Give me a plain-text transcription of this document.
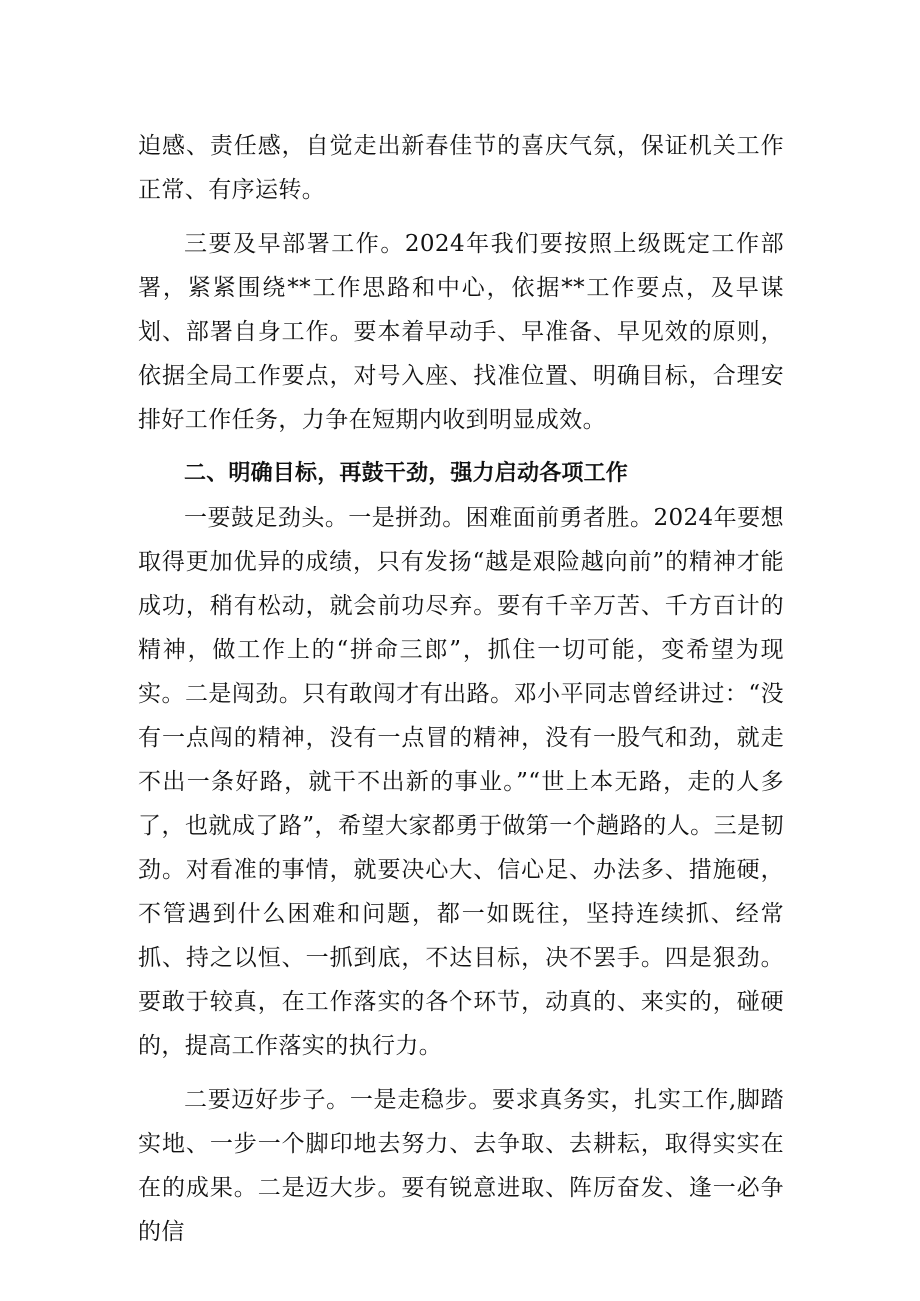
迫感、责任感，自觉走出新春佳节的喜庆气氛，保证机关工作正常、有序运转。

三要及早部署工作。2024年我们要按照上级既定工作部署，紧紧围绕**工作思路和中心，依据**工作要点，及早谋划、部署自身工作。要本着早动手、早准备、早见效的原则，依据全局工作要点，对号入座、找准位置、明确目标，合理安排好工作任务，力争在短期内收到明显成效。

二、明确目标，再鼓干劲，强力启动各项工作

一要鼓足劲头。一是拼劲。困难面前勇者胜。2024年要想取得更加优异的成绩，只有发扬“越是艰险越向前”的精神才能成功，稍有松动，就会前功尽弃。要有千辛万苦、千方百计的精神，做工作上的“拼命三郎”，抓住一切可能，变希望为现实。二是闯劲。只有敢闯才有出路。邓小平同志曾经讲过：“没有一点闯的精神，没有一点冒的精神，没有一股气和劲，就走不出一条好路，就干不出新的事业。”“世上本无路，走的人多了，也就成了路”，希望大家都勇于做第一个趟路的人。三是韧劲。对看准的事情，就要决心大、信心足、办法多、措施硬，不管遇到什么困难和问题，都一如既往，坚持连续抓、经常抓、持之以恒、一抓到底，不达目标，决不罢手。四是狠劲。要敢于较真，在工作落实的各个环节，动真的、来实的，碰硬的，提高工作落实的执行力。

二要迈好步子。一是走稳步。要求真务实，扎实工作,脚踏实地、一步一个脚印地去努力、去争取、去耕耘，取得实实在在的成果。二是迈大步。要有锐意进取、阵厉奋发、逢一必争的信
